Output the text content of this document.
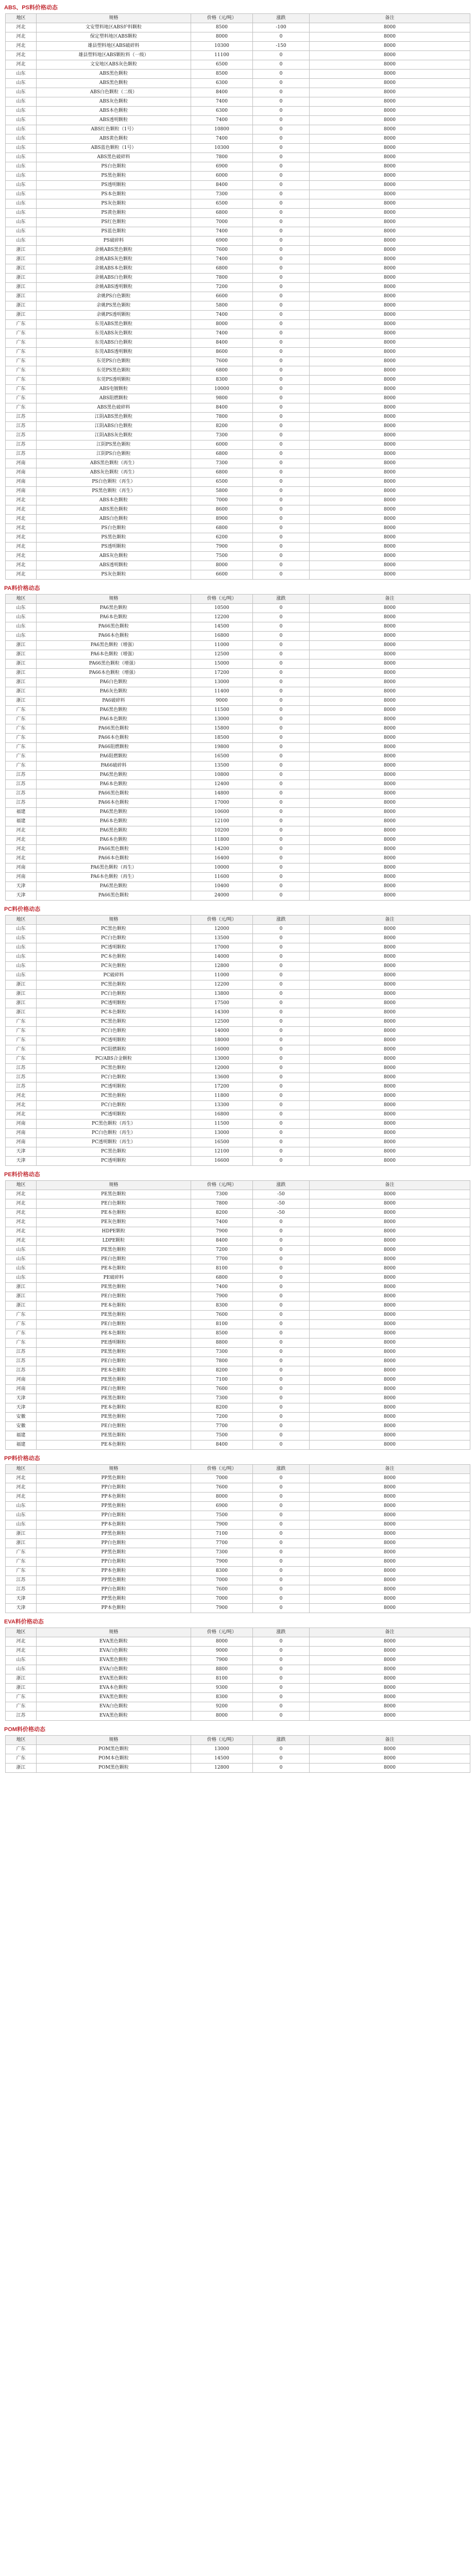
ABS、PS料价格动态
地区	规格	价格（元/吨）	涨跌	备注
河北	文安塑料地区ABS炉料颗粒	8500	-100	8000
河北	保定塑料地区ABS颗粒	8000	0	8000
河北	雄县塑料地区ABS破碎料	10300	-150	8000
河北	雄县塑料地区ABS颗粒料（一级）	11100	0	8000
河北	文安地区ABS灰色颗粒	6500	0	8000
山东	ABS黑色颗粒	8500	0	8000
山东	ABS黑色颗粒	6300	0	8000
山东	ABS白色颗粒（二级）	8400	0	8000
山东	ABS灰色颗粒	7400	0	8000
山东	ABS本色颗粒	6300	0	8000
山东	ABS透明颗粒	7400	0	8000
山东	ABS红色颗粒（1号）	10800	0	8000
山东	ABS黄色颗粒	7400	0	8000
山东	ABS蓝色颗粒（1号）	10300	0	8000
山东	ABS黑色破碎料	7800	0	8000
山东	PS白色颗粒	6900	0	8000
山东	PS黑色颗粒	6000	0	8000
山东	PS透明颗粒	8400	0	8000
山东	PS本色颗粒	7300	0	8000
山东	PS灰色颗粒	6500	0	8000
山东	PS黄色颗粒	6800	0	8000
山东	PS红色颗粒	7000	0	8000
山东	PS蓝色颗粒	7400	0	8000
山东	PS破碎料	6900	0	8000
浙江	余姚ABS黑色颗粒	7600	0	8000
浙江	余姚ABS灰色颗粒	7400	0	8000
浙江	余姚ABS本色颗粒	6800	0	8000
浙江	余姚ABS白色颗粒	7800	0	8000
浙江	余姚ABS透明颗粒	7200	0	8000
浙江	余姚PS白色颗粒	6600	0	8000
浙江	余姚PS黑色颗粒	5800	0	8000
浙江	余姚PS透明颗粒	7400	0	8000
广东	东莞ABS黑色颗粒	8000	0	8000
广东	东莞ABS灰色颗粒	7400	0	8000
广东	东莞ABS白色颗粒	8400	0	8000
广东	东莞ABS透明颗粒	8600	0	8000
广东	东莞PS白色颗粒	7600	0	8000
广东	东莞PS黑色颗粒	6800	0	8000
广东	东莞PS透明颗粒	8300	0	8000
广东	ABS电镀颗粒	10000	0	8000
广东	ABS阻燃颗粒	9800	0	8000
广东	ABS黑色破碎料	8400	0	8000
江苏	江阴ABS黑色颗粒	7800	0	8000
江苏	江阴ABS白色颗粒	8200	0	8000
江苏	江阴ABS灰色颗粒	7300	0	8000
江苏	江阴PS黑色颗粒	6000	0	8000
江苏	江阴PS白色颗粒	6800	0	8000
河南	ABS黑色颗粒（再生）	7300	0	8000
河南	ABS灰色颗粒（再生）	6800	0	8000
河南	PS白色颗粒（再生）	6500	0	8000
河南	PS黑色颗粒（再生）	5800	0	8000
河北	ABS本色颗粒	7000	0	8000
河北	ABS黑色颗粒	8600	0	8000
河北	ABS白色颗粒	8900	0	8000
河北	PS白色颗粒	6800	0	8000
河北	PS黑色颗粒	6200	0	8000
河北	PS透明颗粒	7900	0	8000
河北	ABS灰色颗粒	7500	0	8000
河北	ABS透明颗粒	8000	0	8000
河北	PS灰色颗粒	6600	0	8000
PA料价格动态
地区	规格	价格（元/吨）	涨跌	备注
山东	PA6黑色颗粒	10500	0	8000
山东	PA6本色颗粒	12200	0	8000
山东	PA66黑色颗粒	14500	0	8000
山东	PA66本色颗粒	16800	0	8000
浙江	PA6黑色颗粒（增强）	11000	0	8000
浙江	PA6本色颗粒（增强）	12500	0	8000
浙江	PA66黑色颗粒（增强）	15000	0	8000
浙江	PA66本色颗粒（增强）	17200	0	8000
浙江	PA6白色颗粒	13000	0	8000
浙江	PA6灰色颗粒	11400	0	8000
浙江	PA6破碎料	9000	0	8000
广东	PA6黑色颗粒	11500	0	8000
广东	PA6本色颗粒	13000	0	8000
广东	PA66黑色颗粒	15800	0	8000
广东	PA66本色颗粒	18500	0	8000
广东	PA66阻燃颗粒	19800	0	8000
广东	PA6阻燃颗粒	16500	0	8000
广东	PA66破碎料	13500	0	8000
江苏	PA6黑色颗粒	10800	0	8000
江苏	PA6本色颗粒	12400	0	8000
江苏	PA66黑色颗粒	14800	0	8000
江苏	PA66本色颗粒	17000	0	8000
福建	PA6黑色颗粒	10600	0	8000
福建	PA6本色颗粒	12100	0	8000
河北	PA6黑色颗粒	10200	0	8000
河北	PA6本色颗粒	11800	0	8000
河北	PA66黑色颗粒	14200	0	8000
河北	PA66本色颗粒	16400	0	8000
河南	PA6黑色颗粒（再生）	10000	0	8000
河南	PA6本色颗粒（再生）	11600	0	8000
天津	PA6黑色颗粒	10400	0	8000
天津	PA66黑色颗粒	24000	0	8000
PC料价格动态
地区	规格	价格（元/吨）	涨跌	备注
山东	PC黑色颗粒	12000	0	8000
山东	PC白色颗粒	13500	0	8000
山东	PC透明颗粒	17000	0	8000
山东	PC本色颗粒	14000	0	8000
山东	PC灰色颗粒	12800	0	8000
山东	PC破碎料	11000	0	8000
浙江	PC黑色颗粒	12200	0	8000
浙江	PC白色颗粒	13800	0	8000
浙江	PC透明颗粒	17500	0	8000
浙江	PC本色颗粒	14300	0	8000
广东	PC黑色颗粒	12500	0	8000
广东	PC白色颗粒	14000	0	8000
广东	PC透明颗粒	18000	0	8000
广东	PC阻燃颗粒	16000	0	8000
广东	PC/ABS合金颗粒	13000	0	8000
江苏	PC黑色颗粒	12000	0	8000
江苏	PC白色颗粒	13600	0	8000
江苏	PC透明颗粒	17200	0	8000
河北	PC黑色颗粒	11800	0	8000
河北	PC白色颗粒	13300	0	8000
河北	PC透明颗粒	16800	0	8000
河南	PC黑色颗粒（再生）	11500	0	8000
河南	PC白色颗粒（再生）	13000	0	8000
河南	PC透明颗粒（再生）	16500	0	8000
天津	PC黑色颗粒	12100	0	8000
天津	PC透明颗粒	16600	0	8000
PE料价格动态
地区	规格	价格（元/吨）	涨跌	备注
河北	PE黑色颗粒	7300	-50	8000
河北	PE白色颗粒	7800	-50	8000
河北	PE本色颗粒	8200	-50	8000
河北	PE灰色颗粒	7400	0	8000
河北	HDPE颗粒	7900	0	8000
河北	LDPE颗粒	8400	0	8000
山东	PE黑色颗粒	7200	0	8000
山东	PE白色颗粒	7700	0	8000
山东	PE本色颗粒	8100	0	8000
山东	PE破碎料	6800	0	8000
浙江	PE黑色颗粒	7400	0	8000
浙江	PE白色颗粒	7900	0	8000
浙江	PE本色颗粒	8300	0	8000
广东	PE黑色颗粒	7600	0	8000
广东	PE白色颗粒	8100	0	8000
广东	PE本色颗粒	8500	0	8000
广东	PE透明颗粒	8800	0	8000
江苏	PE黑色颗粒	7300	0	8000
江苏	PE白色颗粒	7800	0	8000
江苏	PE本色颗粒	8200	0	8000
河南	PE黑色颗粒	7100	0	8000
河南	PE白色颗粒	7600	0	8000
天津	PE黑色颗粒	7300	0	8000
天津	PE本色颗粒	8200	0	8000
安徽	PE黑色颗粒	7200	0	8000
安徽	PE白色颗粒	7700	0	8000
福建	PE黑色颗粒	7500	0	8000
福建	PE本色颗粒	8400	0	8000
PP料价格动态
地区	规格	价格（元/吨）	涨跌	备注
河北	PP黑色颗粒	7000	0	8000
河北	PP白色颗粒	7600	0	8000
河北	PP本色颗粒	8000	0	8000
山东	PP黑色颗粒	6900	0	8000
山东	PP白色颗粒	7500	0	8000
山东	PP本色颗粒	7900	0	8000
浙江	PP黑色颗粒	7100	0	8000
浙江	PP白色颗粒	7700	0	8000
广东	PP黑色颗粒	7300	0	8000
广东	PP白色颗粒	7900	0	8000
广东	PP本色颗粒	8300	0	8000
江苏	PP黑色颗粒	7000	0	8000
江苏	PP白色颗粒	7600	0	8000
天津	PP黑色颗粒	7000	0	8000
天津	PP本色颗粒	7900	0	8000
EVA料价格动态
地区	规格	价格（元/吨）	涨跌	备注
河北	EVA黑色颗粒	8000	0	8000
河北	EVA白色颗粒	9000	0	8000
山东	EVA黑色颗粒	7900	0	8000
山东	EVA白色颗粒	8800	0	8000
浙江	EVA黑色颗粒	8100	0	8000
浙江	EVA本色颗粒	9300	0	8000
广东	EVA黑色颗粒	8300	0	8000
广东	EVA白色颗粒	9200	0	8000
江苏	EVA黑色颗粒	8000	0	8000
POM料价格动态
地区	规格	价格（元/吨）	涨跌	备注
广东	POM黑色颗粒	13000	0	8000
广东	POM本色颗粒	14500	0	8000
浙江	POM黑色颗粒	12800	0	8000
